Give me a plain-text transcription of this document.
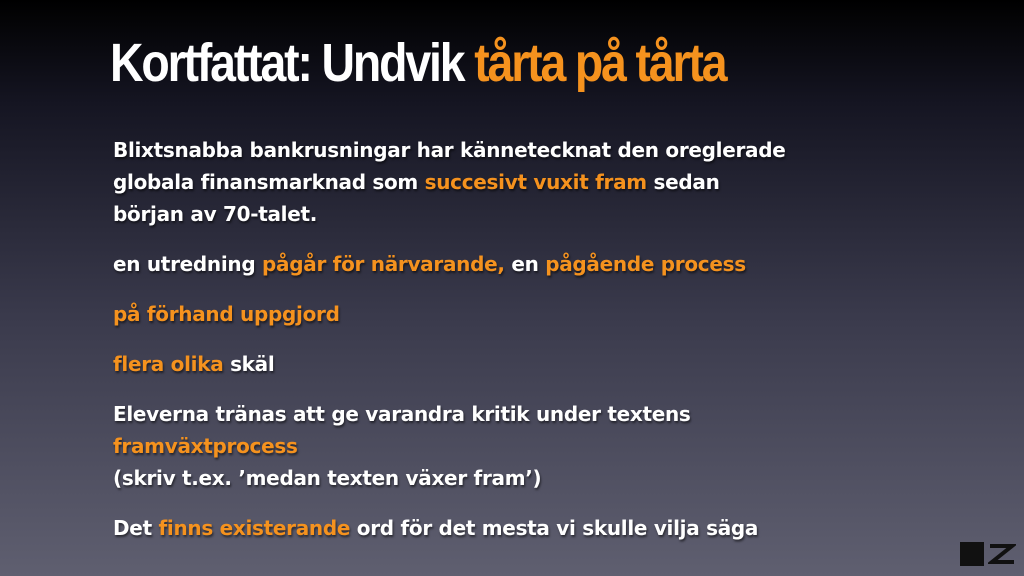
Kortfattat: Undvik tårta på tårta
Blixtsnabba bankrusningar har kännetecknat den oreglerade
globala finansmarknad som succesivt vuxit fram sedan
början av 70-talet.
en utredning pågår för närvarande, en pågående process
på förhand uppgjord
flera olika skäl
Eleverna tränas att ge varandra kritik under textens
framväxtprocess
(skriv t.ex. ’medan texten växer fram’)
Det finns existerande ord för det mesta vi skulle vilja säga
